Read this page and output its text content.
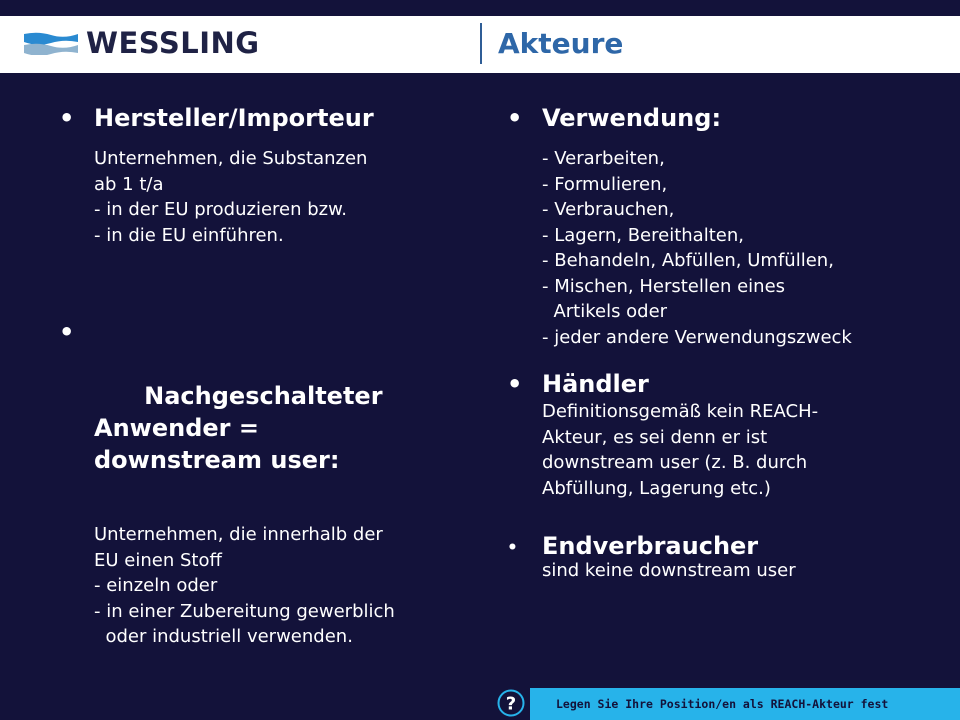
WESSLING	Akteure
• Hersteller/Importeur
Unternehmen, die Substanzen
ab 1 t/a
- in der EU produzieren bzw.
- in die EU einführen.

•

Nachgeschalteter
Anwender =
downstream user:

Unternehmen, die innerhalb der
EU einen Stoff
- einzeln oder
- in einer Zubereitung gewerblich
oder industriell verwenden.
• Verwendung:
- Verarbeiten,
- Formulieren,
- Verbrauchen,
- Lagern, Bereithalten,
- Behandeln, Abfüllen, Umfüllen,
- Mischen, Herstellen eines
Artikels oder
- jeder andere Verwendungszweck
• Händler
Definitionsgemäß kein REACH-
Akteur, es sei denn er ist
downstream user (z. B. durch
Abfüllung, Lagerung etc.)
• Endverbraucher
sind keine downstream user
?	Legen Sie Ihre Position/en als REACH-Akteur fest
